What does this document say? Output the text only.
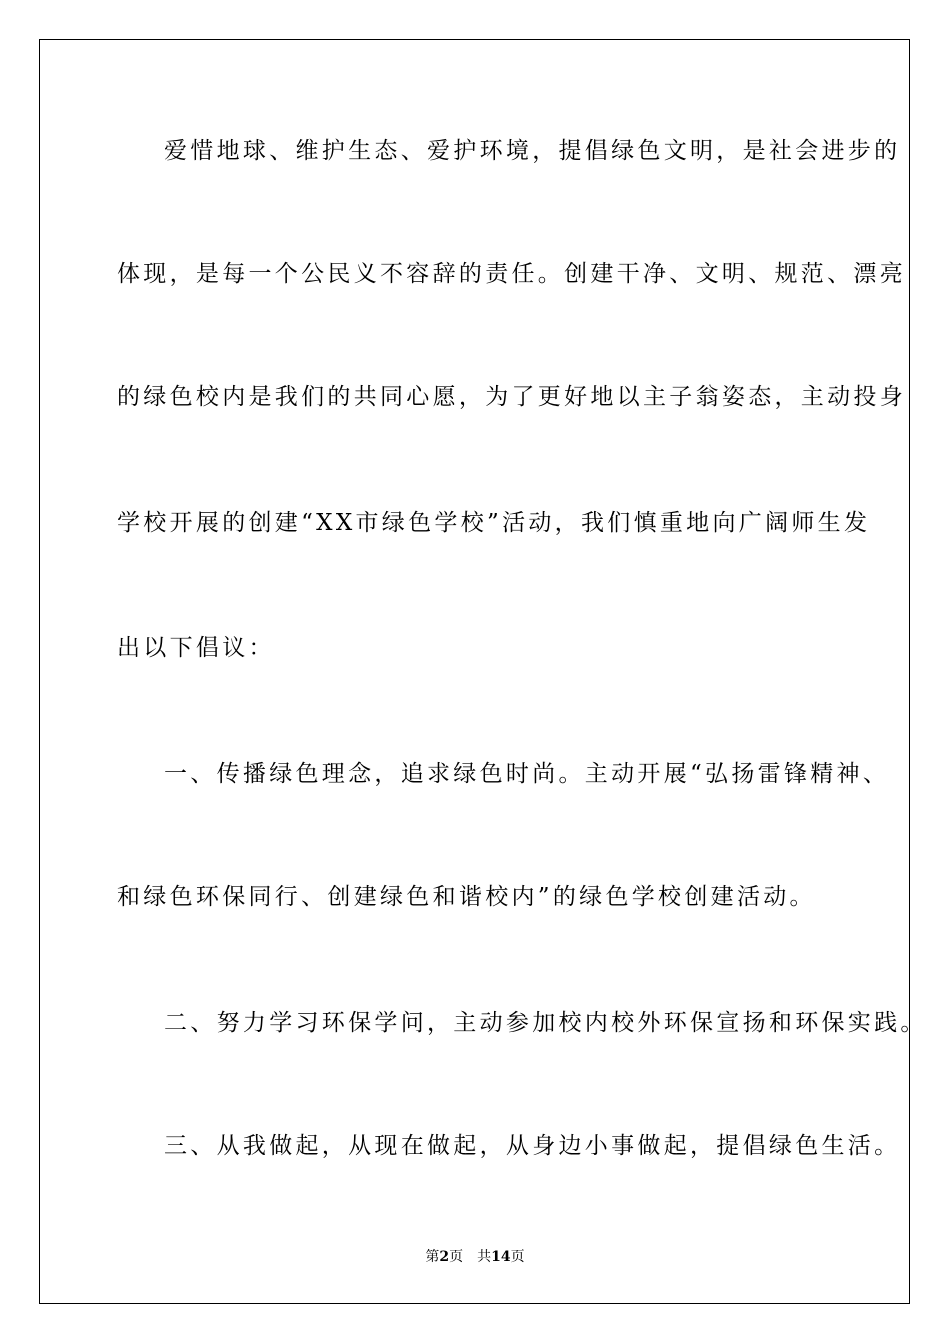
爱惜地球、维护生态、爱护环境，提倡绿色文明，是社会进步的
体现，是每一个公民义不容辞的责任。创建干净、文明、规范、漂亮
的绿色校内是我们的共同心愿，为了更好地以主子翁姿态，主动投身
学校开展的创建“XX市绿色学校”活动，我们慎重地向广阔师生发
出以下倡议：
一、传播绿色理念，追求绿色时尚。主动开展“弘扬雷锋精神、
和绿色环保同行、创建绿色和谐校内”的绿色学校创建活动。
二、努力学习环保学问，主动参加校内校外环保宣扬和环保实践。
三、从我做起，从现在做起，从身边小事做起，提倡绿色生活。
第2页 共14页
